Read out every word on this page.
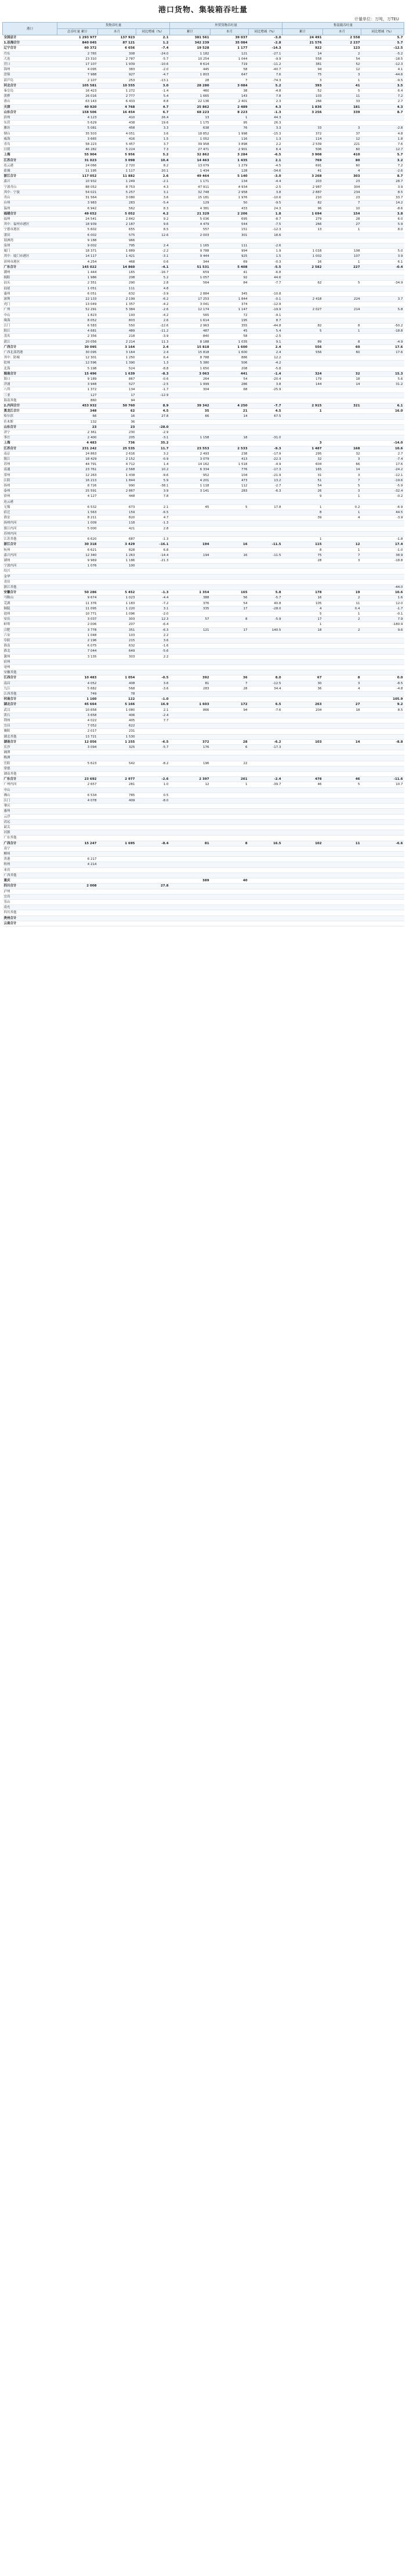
港口货物、集装箱吞吐量
计量单位：万吨，万TEU
港口	货物吞吐量			外贸货物吞吐量			集装箱吞吐量		
	总吞吐量 累计	本月	同比增减（%）	累计	本月	同比增减（%）	累计	本月	同比增减（%）
全国总计	1 293 977	137 923	2.1	381 561	39 037	-3.0	24 491	2 558	5.7
1.沿海合计	840 045	87 121	1.2	342 239	35 084	-2.8	21 576	2 237	5.7
辽宁合计	60 372	6 656	-7.4	19 528	1 177	-14.3	922	123	-12.5
丹东	2 765	308	-24.0	1 182	121	-27.1	14	2	-5.2
大连	23 310	2 787	-5.7	10 254	1 044	-9.9	558	54	-18.5
营口	17 107	1 939	-10.6	8 614	719	-11.2	381	52	-12.3
锦州	4 095	383	-2.0	445	58	-40.7	94	12	4.1
盘锦	7 988	927	-4.7	1 803	647	7.6	75	3	-44.6
葫芦岛	2 107	253	-13.1	28	7	-74.3	3	1	-9.5
河北合计	105 581	10 555	3.0	28 280	3 084	5.2	393	41	3.5
秦皇岛	16 423	1 272	-1.4	460	38	-4.8	52	5	6.4
黄骅	26 016	2 777	5.4	1 665	143	7.8	103	11	7.2
唐山	63 143	6 433	8.8	22 136	2 401	2.3	266	33	2.7
天津	40 920	4 768	4.7	25 862	2 489	4.3	1 836	181	4.3
山东合计	158 506	16 454	6.7	68 223	8 223	-1.3	3 256	339	8.7
滨州	4 123	410	26.4	13	1	44.3			
东营	5 629	438	19.6	1 175	95	26.3			
潍坊	5 081	458	3.3	638	76	3.3	33	3	-2.8
烟台	35 503	4 051	3.6	18 852	1 998	-15.3	372	37	4.8
威海	3 665	416	1.5	1 052	116	1.3	114	12	1.8
青岛	58 223	5 457	3.7	39 958	3 898	2.2	2 539	221	7.6
日照	46 282	5 224	7.3	27 471	2 901	6.4	506	60	12.7
上海	55 904	5 956	5.2	32 862	3 284	-6.5	3 908	410	5.7
江苏合计	31 023	3 098	10.4	14 463	1 435	2.1	769	80	3.2
连云港	24 066	2 720	8.2	13 079	1 279	-4.5	691	60	7.2
盐城	11 195	1 117	20.1	1 434	128	-34.6	41	4	-2.6
浙江合计	117 052	11 882	2.6	49 464	5 140	-3.0	3 268	303	8.7
嘉兴	10 932	1 249	-2.1	1 171	134	-4.4	203	23	28.7
宁波舟山	88 052	8 753	4.3	47 911	4 934	-2.5	2 987	304	3.9
其中：宁波	54 021	5 257	3.1	32 748	2 958	3.8	2 887	234	8.5
舟山	31 564	3 080	3.6	15 181	1 976	-10.6	210	23	33.7
台州	3 983	283	-5.4	129	50	-9.5	82	7	14.2
温州	6 942	562	8.3	4 381	433	24.3	96	10	-8.6
福建合计	49 652	5 052	4.2	21 329	2 206	1.8	1 694	154	3.8
福州	24 541	2 842	9.2	5 036	695	-8.7	279	28	6.0
其中：福州市港区	18 939	2 187	9.6	4 479	544	-7.5	266	27	5.9
宁德市港区	5 602	655	8.5	557	151	-12.3	13	1	8.0
莆田	6 002	575	12.6	2 003	301	18.6			
湄洲湾	9 188	966							
泉州	9 002	795	2.4	1 165	111	-2.6			
厦门	18 371	1 889	-2.2	9 788	994	1.9	1 018	108	5.0
其中：厦门市港区	14 117	1 421	-3.1	9 444	925	1.5	1 002	107	3.9
漳州市港区	4 254	468	0.6	344	69	-0.3	16	1	6.1
广东合计	145 022	14 860	-4.1	51 531	5 408	-5.5	2 582	227	-0.4
潮州	1 444	165	-16.7	659	41	-6.8			
揭阳	1 986	208	5.2	1 057	92	44.6			
汕头	2 351	290	2.8	564	84	-7.7	62	5	-34.9
汕尾	1 051	111	4.8						
惠州	6 051	632	-3.9	2 884	345	-10.8			
深圳	22 133	2 199	-6.2	17 253	1 844	-0.1	2 418	224	3.7
虎门	13 049	1 357	-4.2	3 041	374	-12.9			
广州	52 291	5 384	-2.6	12 174	1 147	-19.9	2 027	214	5.8
中山	1 823	193	-4.2	565	72	-9.1			
珠海	8 052	803	2.6	1 614	195	8.7			
江门	6 583	550	-22.6	2 963	355	-44.8	82	8	-50.2
阳江	4 681	489	-11.2	487	45	5.4	5	1	-18.8
茂名	2 356	218	-3.9	840	58	-2.5			
湛江	20 056	2 214	11.3	8 188	1 035	9.1	89	8	-4.9
广西合计	30 095	3 164	2.4	15 818	1 600	2.4	556	60	17.6
广西北部湾港	30 095	3 164	2.4	15 818	1 600	2.4	556	60	17.6
其中：防城	12 301	1 250	6.4	8 788	886	12.2			
钦州	12 596	1 390	1.3	5 380	506	-4.2			
北海	5 198	524	-8.8	1 650	208	-5.8			
海南合计	15 496	1 639	-8.3	3 063	441	-1.4	324	32	15.3
海口	9 189	867	-0.6	264	54	-20.4	179	18	5.6
洋浦	3 948	527	-2.5	1 999	286	3.8	144	14	31.2
八所	1 372	134	-1.7	304	68	-25.9			
三亚	127	17	-12.9						
海南其他	860	94							
2.内河合计	453 932	50 760	8.9	39 342	4 250	-7.7	2 915	321	6.1
黑龙江合计	348	62	4.5	35	21	4.5	1		16.0
哈尔滨	66	16	27.8	66	14	67.5			
佳木斯	132	36							
山东合计	23	23	-28.0						
济宁	2 361	230	-2.9						
枣庄	2 400	205	-3.1	1 158	18	-31.0			
上海	4 483	736	35.2				3		-14.0
江苏合计	231 242	25 535	11.7	23 553	2 533	-9.3	1 487	168	10.6
南京	24 863	2 616	3.2	2 493	238	-17.9	295	32	2.7
镇江	18 429	2 152	-0.9	3 079	413	-22.3	32	3	-7.4
苏州	44 791	4 712	1.4	14 162	1 518	-4.9	604	66	17.6
南通	23 761	2 568	10.2	6 334	776	-17.3	165	14	-24.2
常州	12 263	1 438	-9.6	952	104	-21.9	31	3	-12.1
江阴	16 213	1 844	5.9	4 201	473	13.2	51	7	-19.6
扬州	8 726	990	-38.1	1 118	112	-2.7	54	5	-5.9
泰州	25 591	2 867	3.9	3 141	283	-6.3	26	3	-32.4
徐州	4 127	448	7.8				9	1	-0.2
连云港									
无锡	6 532	673	2.1	45	5	17.8	1	0.2	-6.9
宿迁	1 563	159	-6.5				8	1	44.5
淮安	8 211	820	4.7				39	4	-3.9
扬州内河	1 009	118	-1.3						
镇江内河	5 000	421	2.8						
苏州内河									
江苏其他	6 620	687	-1.3				1		-1.8
浙江合计	30 318	3 429	-16.1	194	16	-11.5	115	12	17.4
杭州	6 621	828	6.8				8	1	-1.0
嘉兴内河	12 340	1 263	-14.4	194	16	-11.5	75	7	38.9
湖州	9 969	1 186	-21.3				28	3	-18.8
宁波内河	1 076	100							
绍兴									
金华									
青田									
浙江其他									-44.0
安徽合计	50 286	5 452	-1.3	1 354	165	5.8	178	19	10.6
马鞍山	9 674	1 023	-4.4	388	56	-5.7	16	2	1.6
芜湖	11 376	1 183	-7.2	376	54	40.8	105	11	12.0
铜陵	11 095	1 220	3.1	335	17	-28.0	4	0.4	-1.7
池州	10 771	1 096	-2.0				5	1	-0.1
安庆	3 037	303	12.3	57	8	-5.9	17	2	7.9
蚌埠	2 006	207	-6.4				1		-180.9
合肥	3 778	351	-6.3	121	17	140.5	18	2	9.6
六安	1 048	103	2.2						
阜阳	2 196	215	3.6						
淮南	6 075	632	-1.6						
淮北	7 044	649	-5.6						
滁州	3 135	303	2.2						
宿州									
亳州									
安徽其他									
江西合计	10 483	1 054	-0.5	392	36	8.0	67	8	0.0
南昌	4 052	408	3.6	81	7	-12.5	30	3	-8.5
九江	5 682	568	-3.6	283	28	34.4	36	4	-4.8
江西其他	749	78							
河南合计	1 160	122	-1.0						105.9
湖北合计	45 664	5 166	16.9	1 603	172	6.5	263	27	9.2
武汉	10 658	1 080	2.1	866	94	-7.6	204	18	8.5
黄石	3 658	406	-2.4						
荆州	4 022	405	7.7						
宜昌	7 052	622							
襄阳	2 017	231							
湖北其他	13 721	1 530							
湖南合计	12 056	1 255	-6.5	372	28	-6.2	103	14	-8.8
长沙	3 094	325	-5.7	176	6	-17.3			
湘潭									
株洲									
岳阳	5 623	542	-8.2	196	22				
常德									
湖南其他									
广东合计	23 692	2 977	-2.6	2 397	261	-2.4	478	46	-11.6
广州内河	2 657	281	1.0	12	1	-39.7	46	5	10.7
中山									
佛山	6 534	785	0.5						
江门	4 078	409	-8.0						
肇庆									
惠州									
云浮									
清远									
韶关									
河源									
广东其他									
广西合计	15 247	1 695	-8.4	81	8	16.5	102	11	-6.6
南宁									
柳州									
贵港	6 217								
梧州	4 214								
来宾									
广西其他									
重庆				389	40				
四川合计	2 008		27.8						
泸州									
宜宾									
乐山									
南充									
四川其他									
贵州合计									
云南合计									
